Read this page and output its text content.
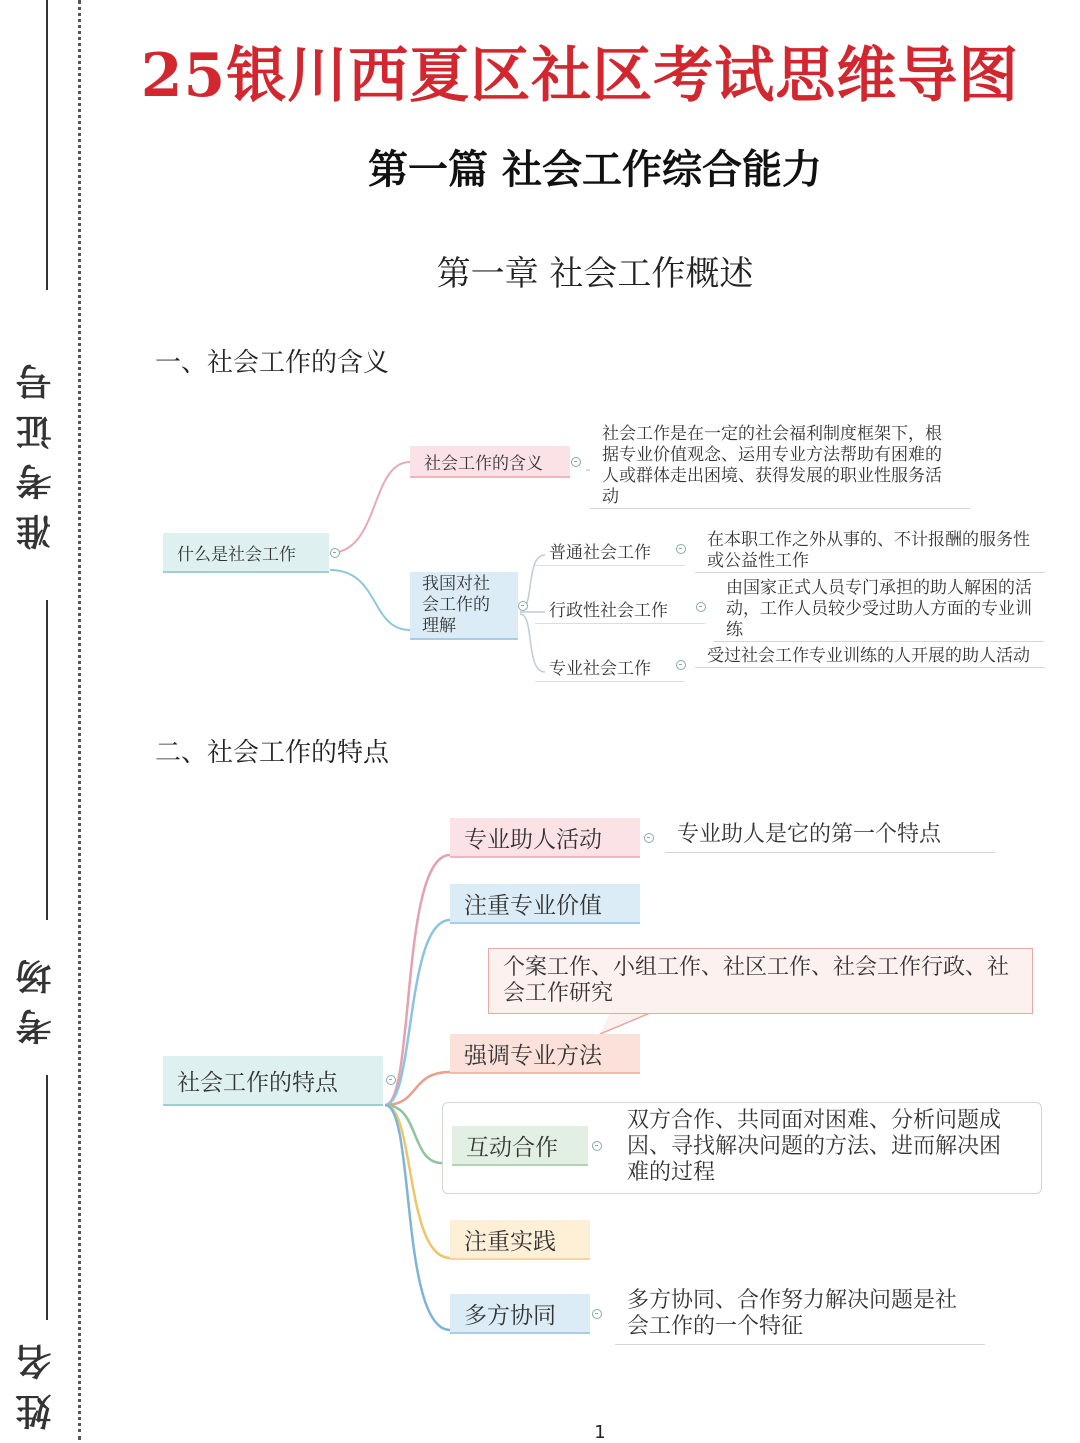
准考证号
考场
姓名
25银川西夏区社区考试思维导图
第一篇 社会工作综合能力
第一章 社会工作概述
一、社会工作的含义
什么是社会工作
社会工作的含义
社会工作是在一定的社会福利制度框架下，根据专业价值观念、运用专业方法帮助有困难的人或群体走出困境、获得发展的职业性服务活动
我国对社会工作的理解
普通社会工作
在本职工作之外从事的、不计报酬的服务性或公益性工作
行政性社会工作
由国家正式人员专门承担的助人解困的活动，工作人员较少受过助人方面的专业训练
专业社会工作
受过社会工作专业训练的人开展的助人活动
二、社会工作的特点
社会工作的特点
专业助人活动	专业助人是它的第一个特点
注重专业价值
个案工作、小组工作、社区工作、社会工作行政、社会工作研究
强调专业方法
互动合作
双方合作、共同面对困难、分析问题成因、寻找解决问题的方法、进而解决困难的过程
注重实践
多方协同
多方协同、合作努力解决问题是社会工作的一个特征
1
